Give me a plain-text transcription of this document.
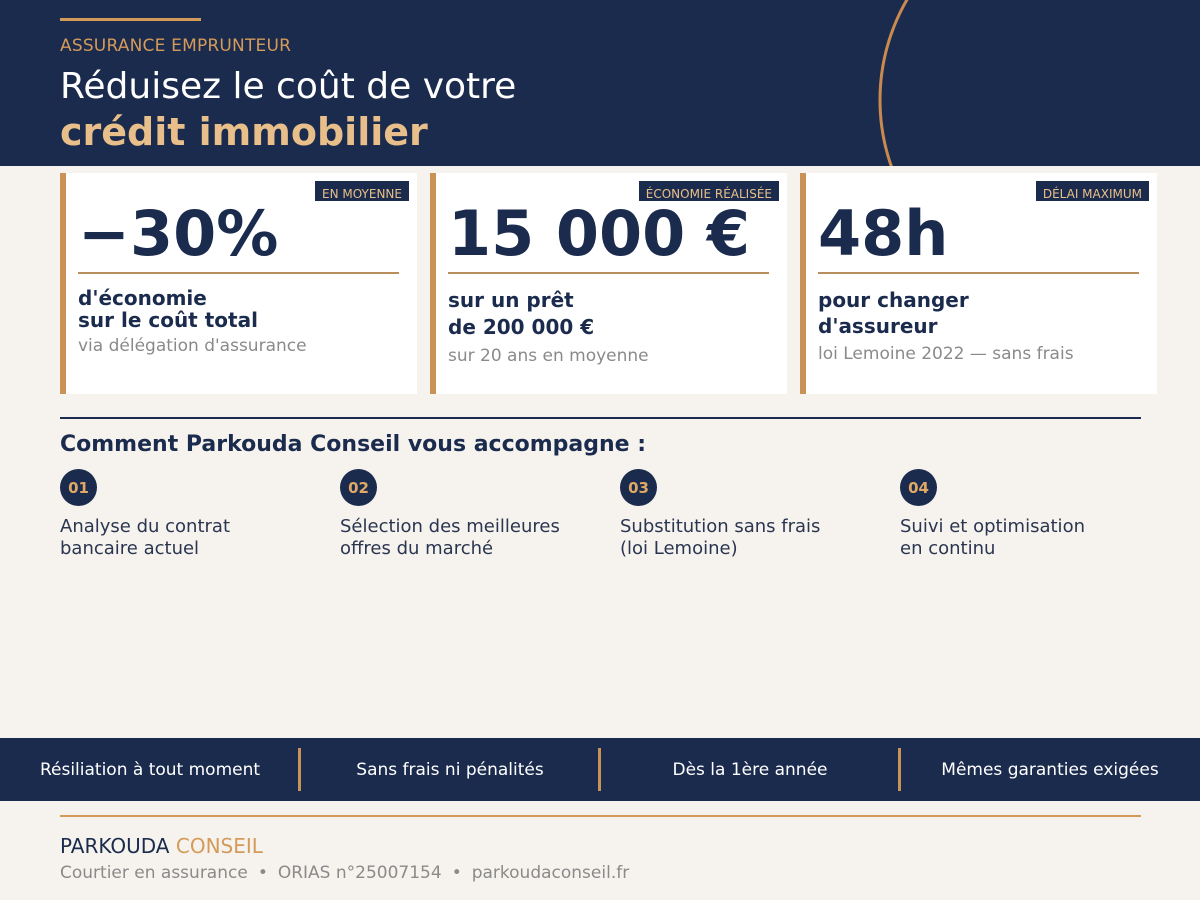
ASSURANCE EMPRUNTEUR
Réduisez le coût de votre
crédit immobilier
EN MOYENNE
−30%
d'économie
sur le coût total
via délégation d'assurance
ÉCONOMIE RÉALISÉE
15 000 €
sur un prêt
de 200 000 €
sur 20 ans en moyenne
DÉLAI MAXIMUM
48h
pour changer
d'assureur
loi Lemoine 2022 — sans frais
Comment Parkouda Conseil vous accompagne :
01
Analyse du contrat
bancaire actuel
02
Sélection des meilleures
offres du marché
03
Substitution sans frais
(loi Lemoine)
04
Suivi et optimisation
en continu
Résiliation à tout moment	Sans frais ni pénalités	Dès la 1ère année	Mêmes garanties exigées
PARKOUDA CONSEIL
Courtier en assurance • ORIAS n°25007154 • parkoudaconseil.fr
